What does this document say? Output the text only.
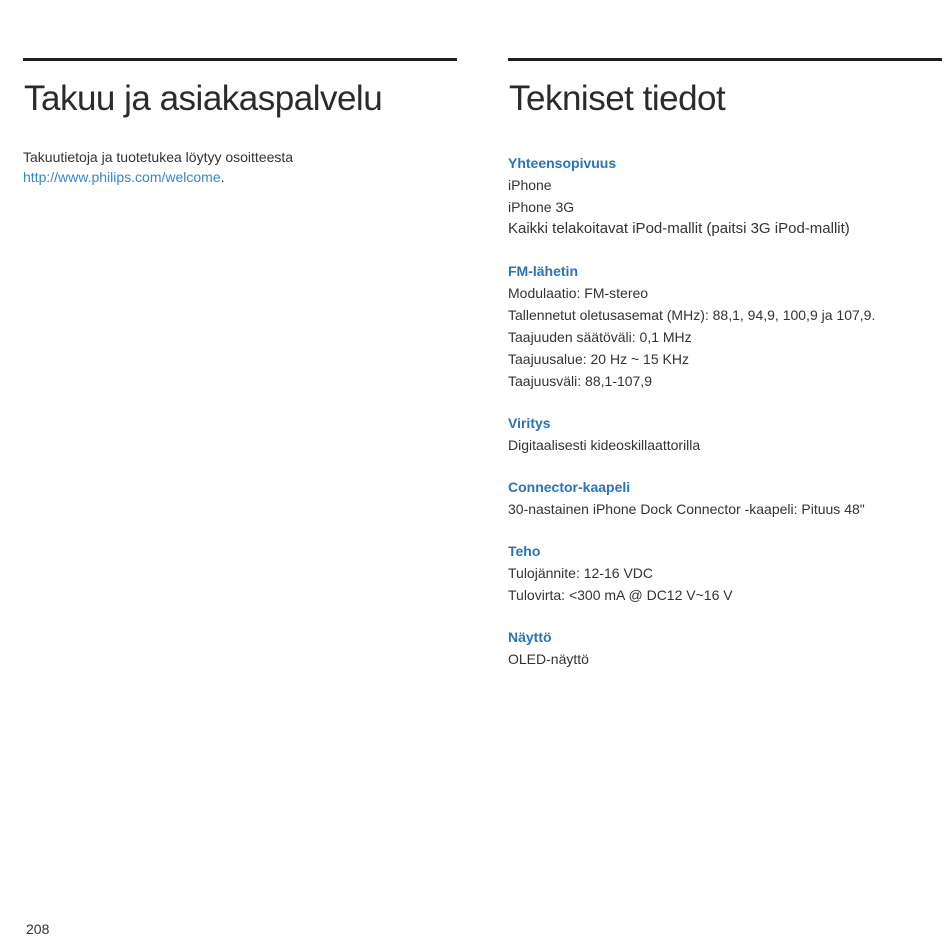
Takuu ja asiakaspalvelu
Takuutietoja ja tuotetukea löytyy osoitteesta
http://www.philips.com/welcome.
Tekniset tiedot
Yhteensopivuus
iPhone
iPhone 3G
Kaikki telakoitavat iPod-mallit (paitsi 3G iPod-mallit)
FM-lähetin
Modulaatio: FM-stereo
Tallennetut oletusasemat (MHz): 88,1, 94,9, 100,9 ja 107,9.
Taajuuden säätöväli: 0,1 MHz
Taajuusalue: 20 Hz ~ 15 KHz
Taajuusväli: 88,1-107,9
Viritys
Digitaalisesti kideoskillaattorilla
Connector-kaapeli
30-nastainen iPhone Dock Connector -kaapeli: Pituus 48"
Teho
Tulojännite: 12-16 VDC
Tulovirta: <300 mA @ DC12 V~16 V
Näyttö
OLED-näyttö
208
